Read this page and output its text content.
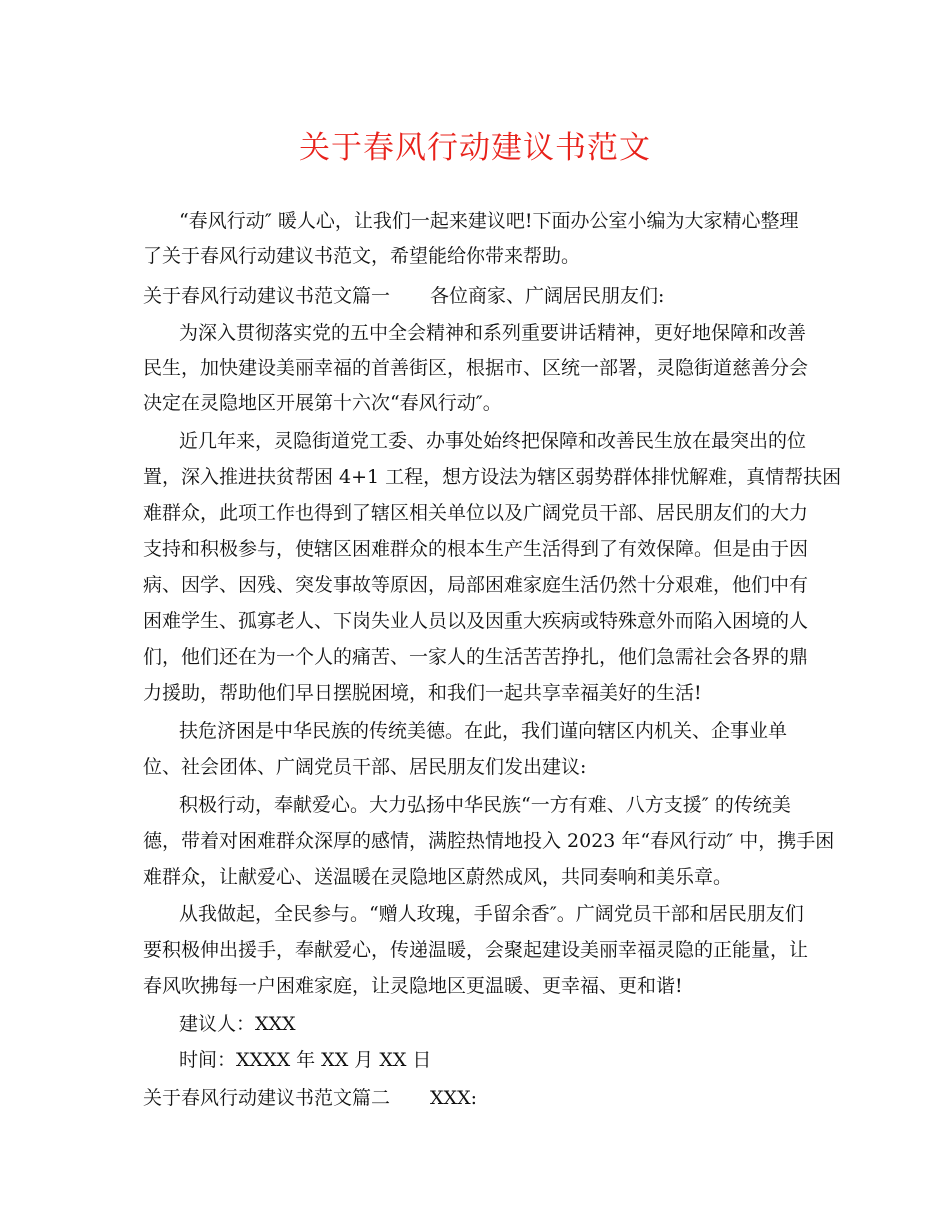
关于春风行动建议书范文
“春风行动″ 暖人心，让我们一起来建议吧!下面办公室小编为大家精心整理
了关于春风行动建议书范文，希望能给你带来帮助。
关于春风行动建议书范文篇一 各位商家、广阔居民朋友们:
为深入贯彻落实党的五中全会精神和系列重要讲话精神，更好地保障和改善
民生，加快建设美丽幸福的首善街区，根据市、区统一部署，灵隐街道慈善分会
决定在灵隐地区开展第十六次“春风行动″。
近几年来，灵隐街道党工委、办事处始终把保障和改善民生放在最突出的位
置，深入推进扶贫帮困 4+1 工程，想方设法为辖区弱势群体排忧解难，真情帮扶困
难群众，此项工作也得到了辖区相关单位以及广阔党员干部、居民朋友们的大力
支持和积极参与，使辖区困难群众的根本生产生活得到了有效保障。但是由于因
病、因学、因残、突发事故等原因，局部困难家庭生活仍然十分艰难，他们中有
困难学生、孤寡老人、下岗失业人员以及因重大疾病或特殊意外而陷入困境的人
们，他们还在为一个人的痛苦、一家人的生活苦苦挣扎，他们急需社会各界的鼎
力援助，帮助他们早日摆脱困境，和我们一起共享幸福美好的生活!
扶危济困是中华民族的传统美德。在此，我们谨向辖区内机关、企事业单
位、社会团体、广阔党员干部、居民朋友们发出建议:
积极行动，奉献爱心。大力弘扬中华民族“一方有难、八方支援″ 的传统美
德，带着对困难群众深厚的感情，满腔热情地投入 2023 年“春风行动″ 中，携手困
难群众，让献爱心、送温暖在灵隐地区蔚然成风，共同奏响和美乐章。
从我做起，全民参与。“赠人玫瑰，手留余香″。广阔党员干部和居民朋友们
要积极伸出援手，奉献爱心，传递温暖，会聚起建设美丽幸福灵隐的正能量，让
春风吹拂每一户困难家庭，让灵隐地区更温暖、更幸福、更和谐!
建议人：XXX
时间：XXXX 年 XX 月 XX 日
关于春风行动建议书范文篇二 XXX:
